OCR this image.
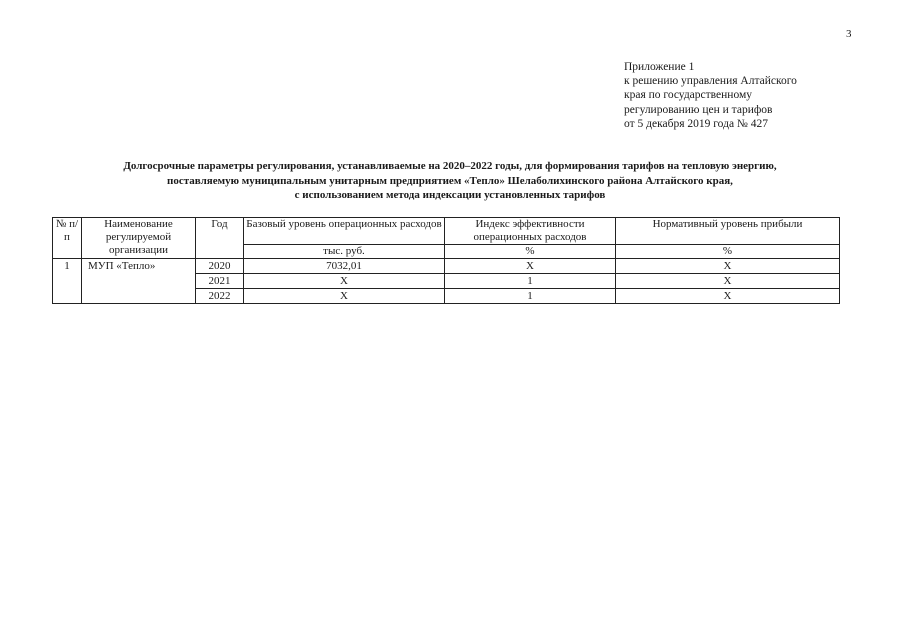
3
Приложение 1
к решению управления Алтайского
края по государственному
регулированию цен и тарифов
от 5 декабря 2019 года № 427
Долгосрочные параметры регулирования, устанавливаемые на 2020–2022 годы, для формирования тарифов на тепловую энергию,
поставляемую муниципальным унитарным предприятием «Тепло» Шелаболихинского района Алтайского края,
с использованием метода индексации установленных тарифов
№ п/п	Наименование регулируемой организации	Год	Базовый уровень операционных расходов	Индекс эффективности операционных расходов	Нормативный уровень прибыли
			тыс. руб.	%	%
1	МУП «Тепло»	2020	7032,01	X	X
		2021	X	1	X
		2022	X	1	X
